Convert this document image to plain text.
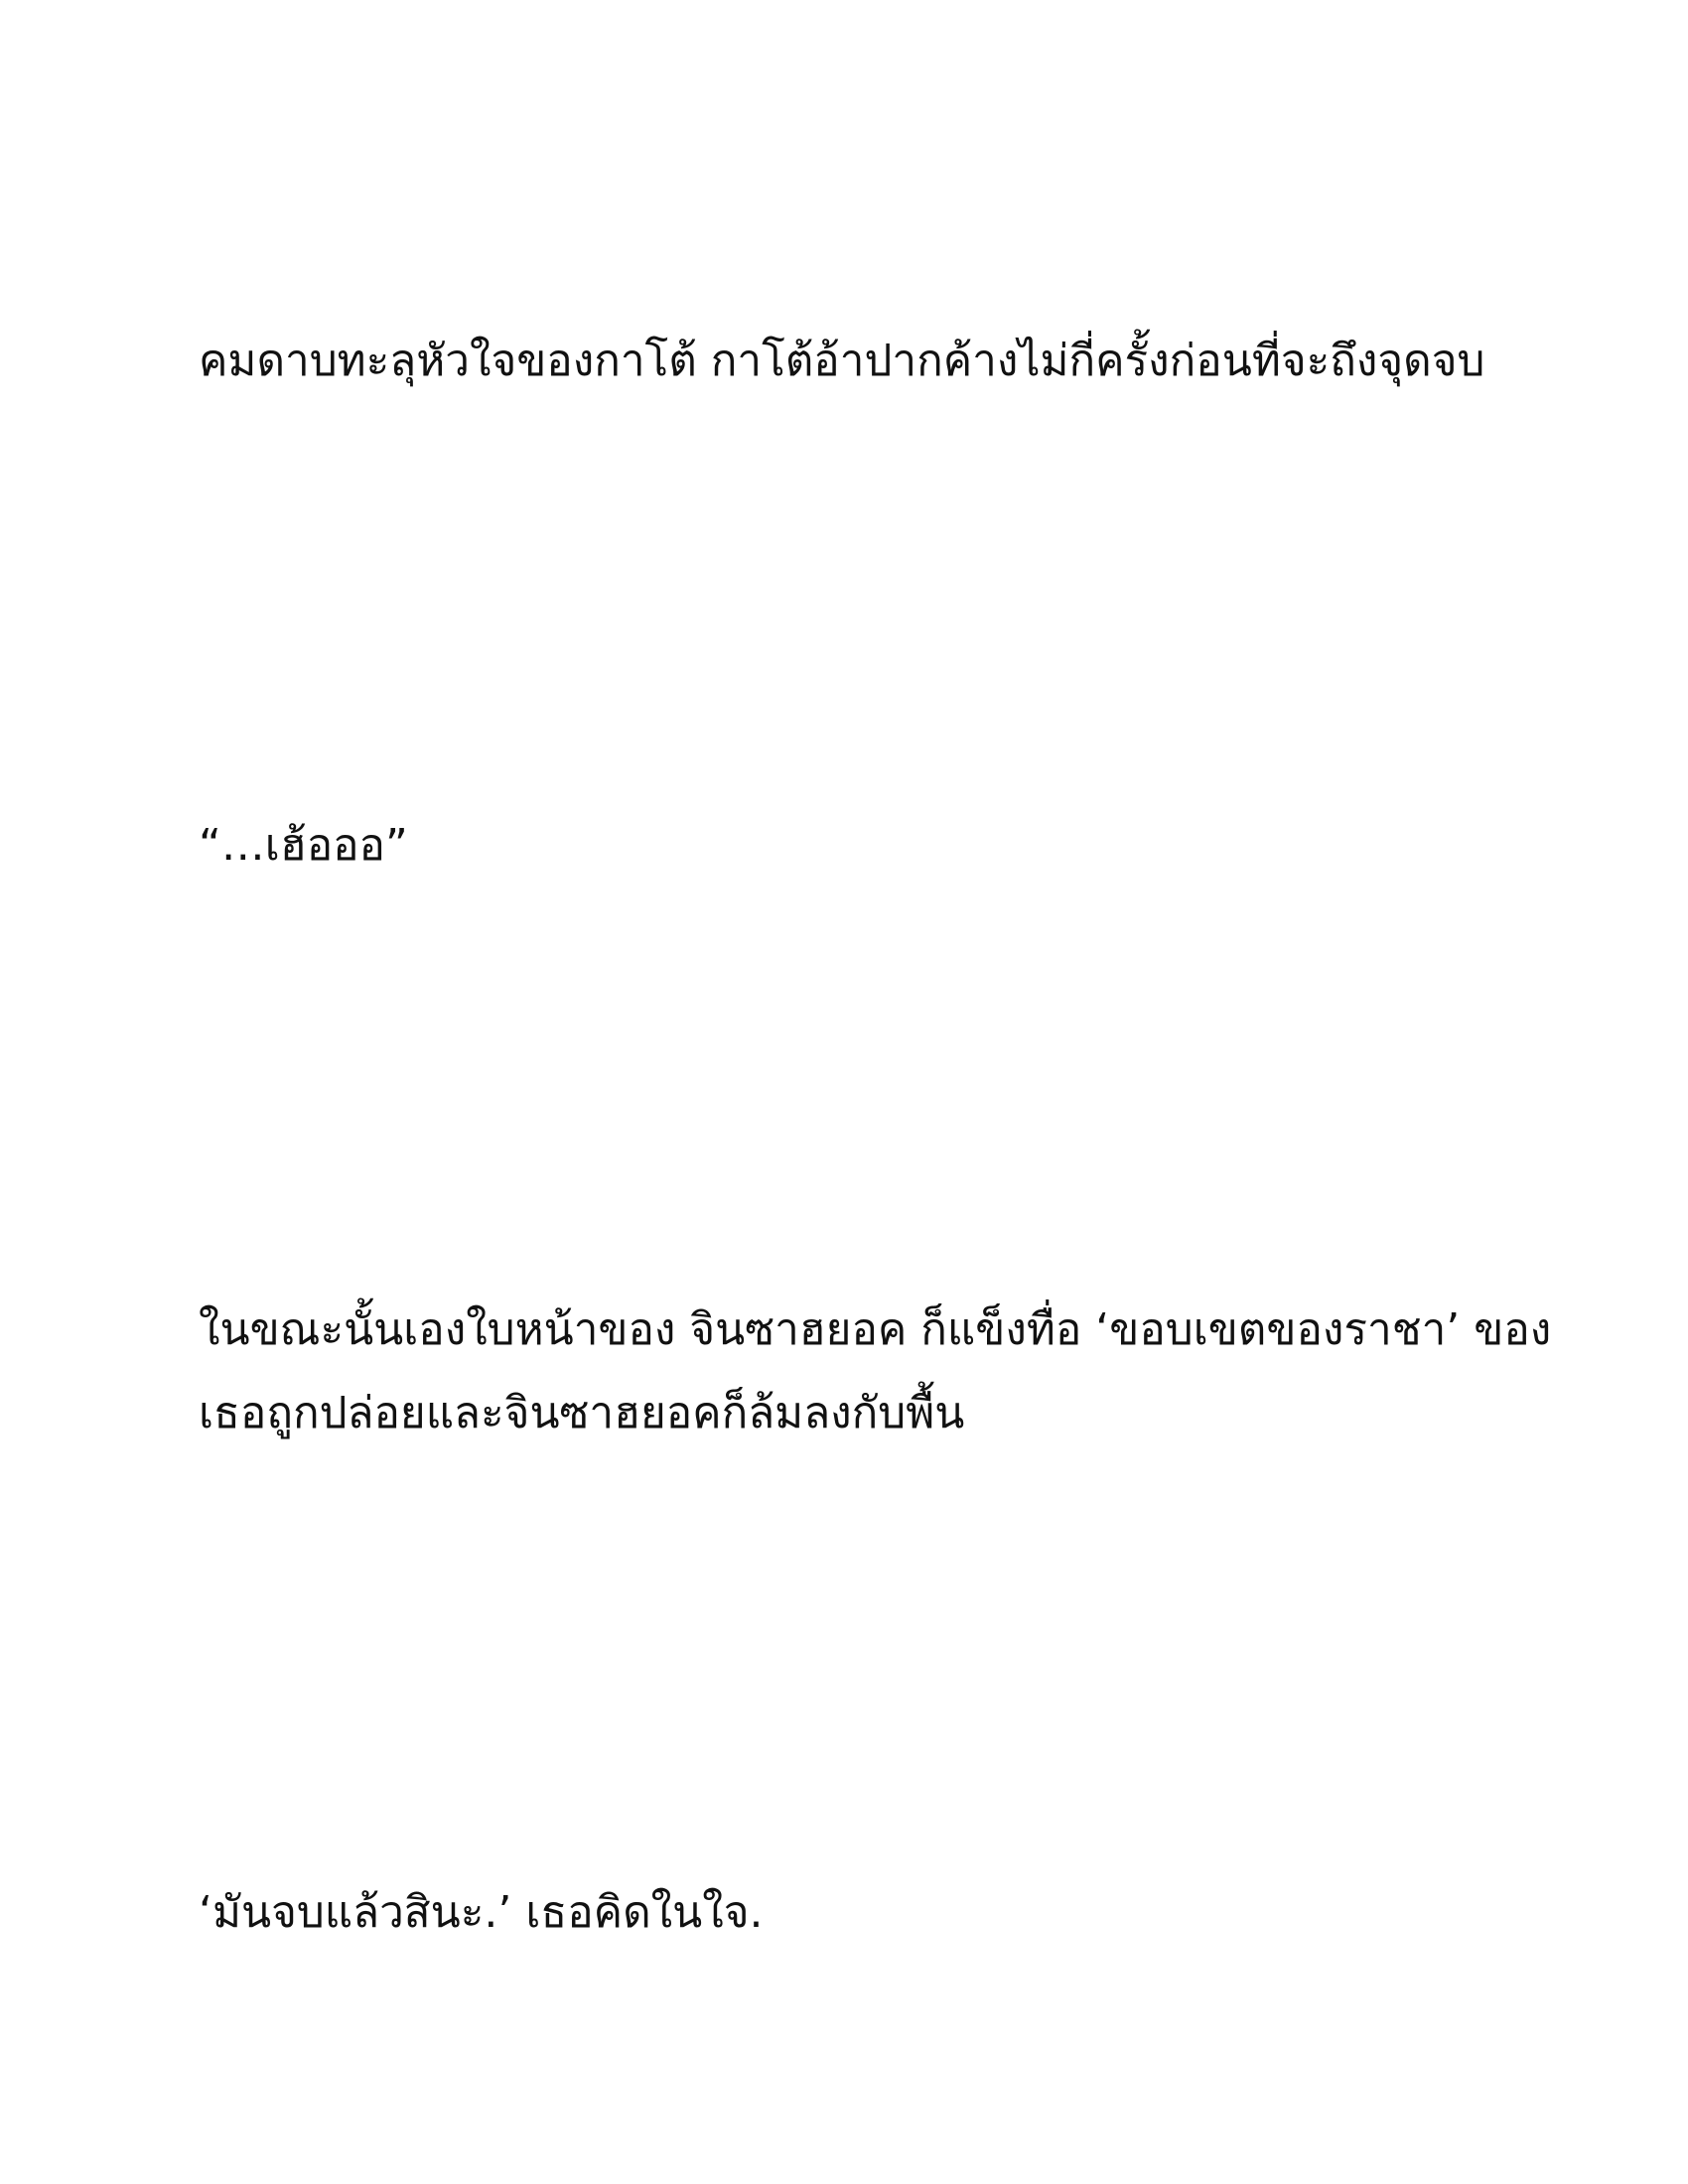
คมดาบทะลุหัวใจของกาโต้ กาโต้อ้าปากค้างไม่กี่ครั้งก่อนที่จะถึงจุดจบ

“…เฮ้อออ”

ในขณะนั้นเองใบหน้าของ จินซาฮยอค ก็แข็งทื่อ ‘ขอบเขตของราชา’ ของ
เธอถูกปล่อยและจินซาฮยอคก็ล้มลงกับพื้น

‘มันจบแล้วสินะ.’ เธอคิดในใจ.
